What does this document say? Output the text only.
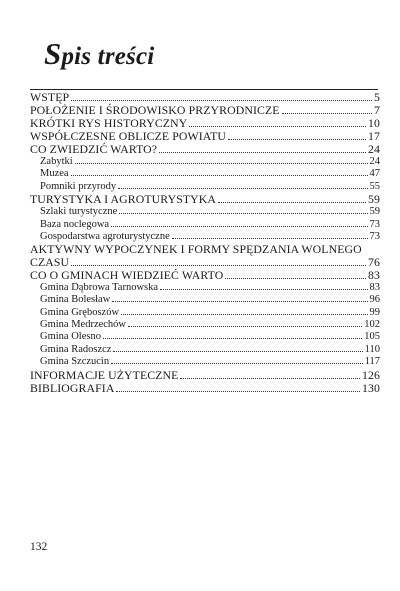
Spis treści
WSTĘP	5
POŁOŻENIE I ŚRODOWISKO PRZYRODNICZE	7
KRÓTKI RYS HISTORYCZNY	10
WSPÓŁCZESNE OBLICZE POWIATU	17
CO ZWIEDZIĆ WARTO?	24
Zabytki	24
Muzea	47
Pomniki przyrody	55
TURYSTYKA I AGROTURYSTYKA	59
Szlaki turystyczne	59
Baza noclegowa	73
Gospodarstwa agroturystyczne	73
AKTYWNY WYPOCZYNEK I FORMY SPĘDZANIA WOLNEGO
CZASU	76
CO O GMINACH WIEDZIEĆ WARTO	83
Gmina Dąbrowa Tarnowska	83
Gmina Bolesław	96
Gmina Gręboszów	99
Gmina Medrzechów	102
Gmina Olesno	105
Gmina Radoszcz	110
Gmina Szczucin	117
INFORMACJE UŻYTECZNE	126
BIBLIOGRAFIA	130
132
